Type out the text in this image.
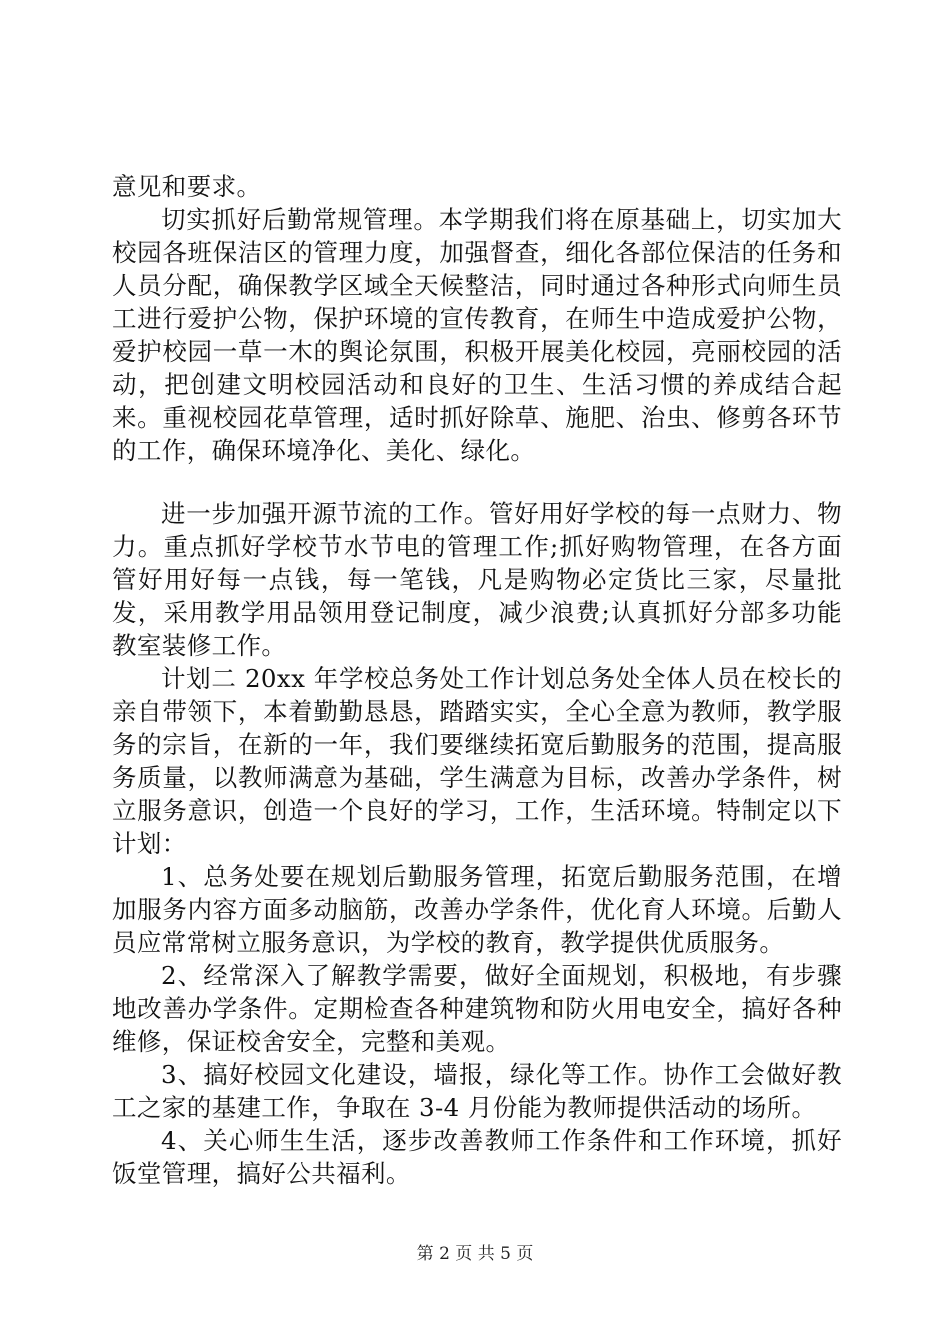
意见和要求。

切实抓好后勤常规管理。本学期我们将在原基础上，切实加大校园各班保洁区的管理力度，加强督查，细化各部位保洁的任务和人员分配，确保教学区域全天候整洁，同时通过各种形式向师生员工进行爱护公物，保护环境的宣传教育，在师生中造成爱护公物，爱护校园一草一木的舆论氛围，积极开展美化校园，亮丽校园的活动，把创建文明校园活动和良好的卫生、生活习惯的养成结合起来。重视校园花草管理，适时抓好除草、施肥、治虫、修剪各环节的工作，确保环境净化、美化、绿化。

进一步加强开源节流的工作。管好用好学校的每一点财力、物力。重点抓好学校节水节电的管理工作;抓好购物管理，在各方面管好用好每一点钱，每一笔钱，凡是购物必定货比三家，尽量批发，采用教学用品领用登记制度，减少浪费;认真抓好分部多功能教室装修工作。

计划二 20xx 年学校总务处工作计划总务处全体人员在校长的亲自带领下，本着勤勤恳恳，踏踏实实，全心全意为教师，教学服务的宗旨，在新的一年，我们要继续拓宽后勤服务的范围，提高服务质量，以教师满意为基础，学生满意为目标，改善办学条件，树立服务意识，创造一个良好的学习，工作，生活环境。特制定以下计划：

1、总务处要在规划后勤服务管理，拓宽后勤服务范围，在增加服务内容方面多动脑筋，改善办学条件，优化育人环境。后勤人员应常常树立服务意识，为学校的教育，教学提供优质服务。

2、经常深入了解教学需要，做好全面规划，积极地，有步骤地改善办学条件。定期检查各种建筑物和防火用电安全，搞好各种维修，保证校舍安全，完整和美观。

3、搞好校园文化建设，墙报，绿化等工作。协作工会做好教工之家的基建工作，争取在 3-4 月份能为教师提供活动的场所。

4、关心师生生活，逐步改善教师工作条件和工作环境，抓好饭堂管理，搞好公共福利。

第 2 页 共 5 页
